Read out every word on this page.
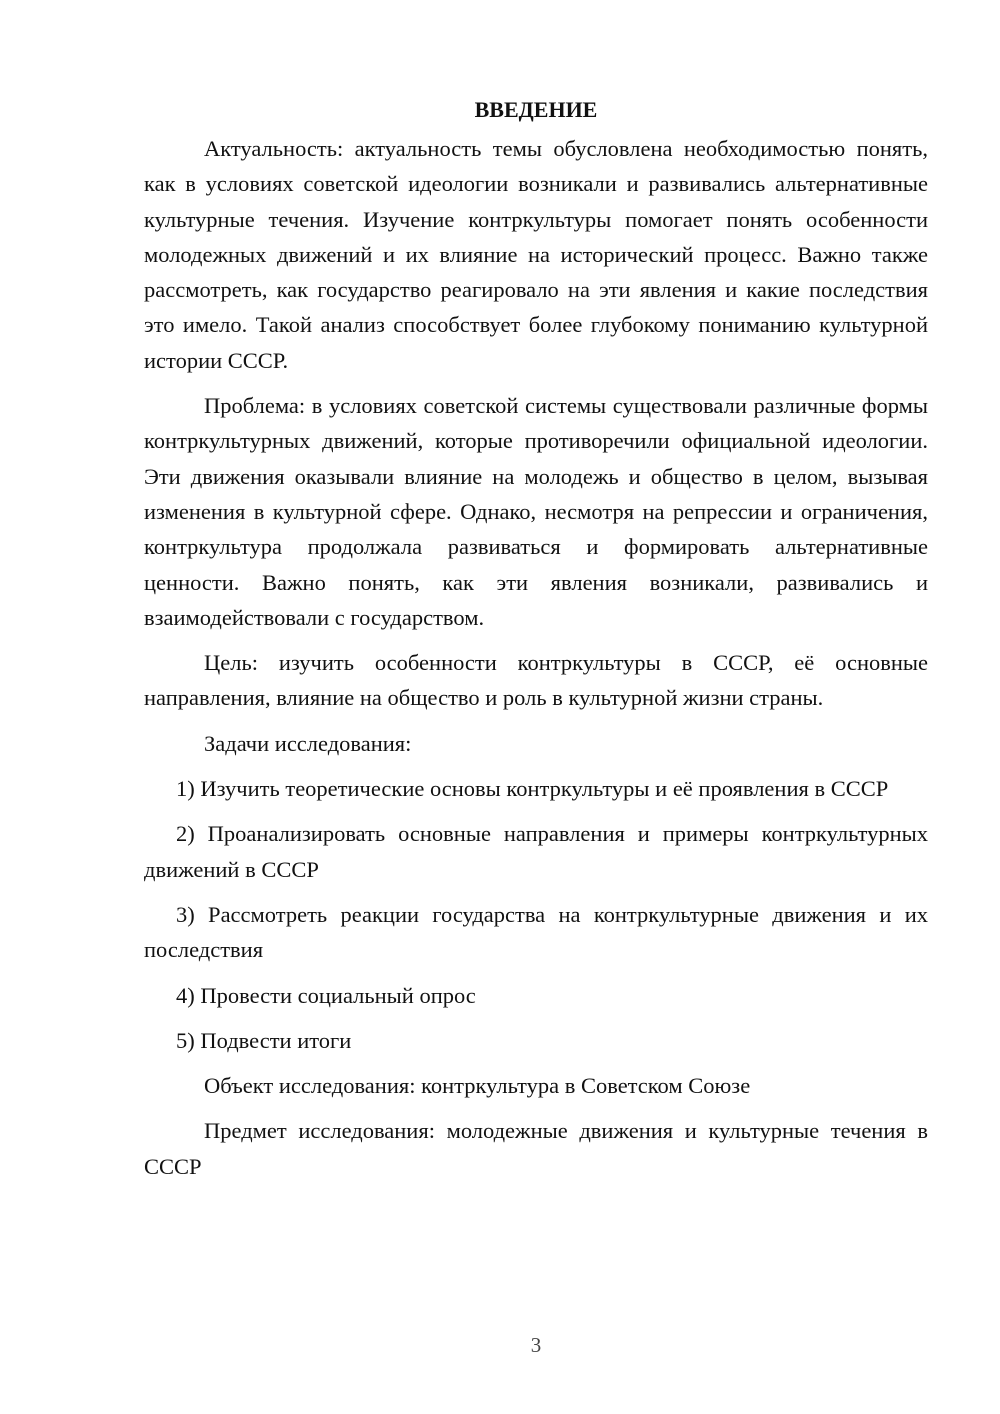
ВВЕДЕНИЕ

Актуальность: актуальность темы обусловлена необходимостью понять, как в условиях советской идеологии возникали и развивались альтернативные культурные течения. Изучение контркультуры помогает понять особенности молодежных движений и их влияние на исторический процесс. Важно также рассмотреть, как государство реагировало на эти явления и какие последствия это имело. Такой анализ способствует более глубокому пониманию культурной истории СССР.

Проблема: в условиях советской системы существовали различные формы контркультурных движений, которые противоречили официальной идеологии. Эти движения оказывали влияние на молодежь и общество в целом, вызывая изменения в культурной сфере. Однако, несмотря на репрессии и ограничения, контркультура продолжала развиваться и формировать альтернативные ценности. Важно понять, как эти явления возникали, развивались и взаимодействовали с государством.

Цель: изучить особенности контркультуры в СССР, её основные направления, влияние на общество и роль в культурной жизни страны.

Задачи исследования:

1) Изучить теоретические основы контркультуры и её проявления в СССР

2) Проанализировать основные направления и примеры контркультурных движений в СССР

3) Рассмотреть реакции государства на контркультурные движения и их последствия

4) Провести социальный опрос

5) Подвести итоги

Объект исследования: контркультура в Советском Союзе

Предмет исследования: молодежные движения и культурные течения в СССР

3
